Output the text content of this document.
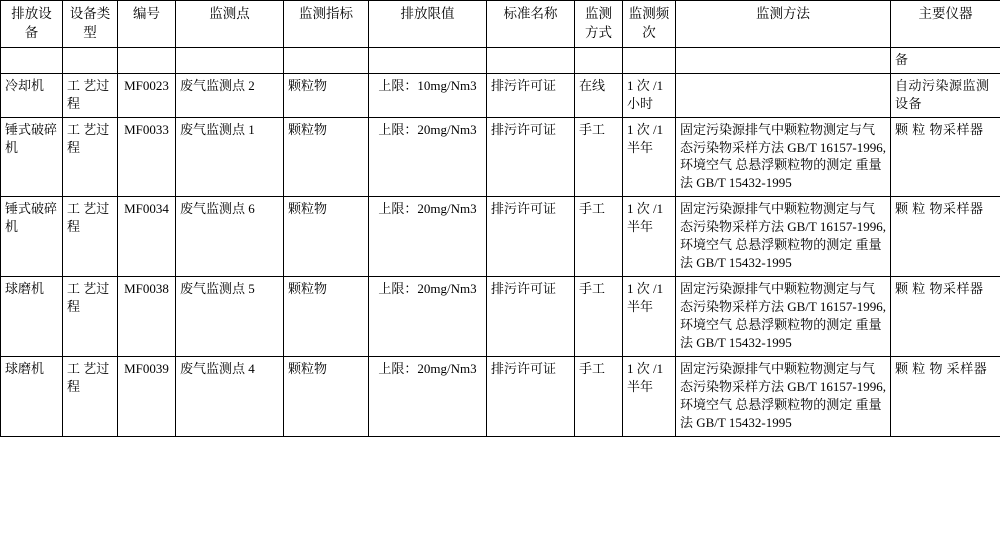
排放设备	设备类型	编号	监测点	监测指标	排放限值	标准名称	监测方式	监测频次	监测方法	主要仪器
										备
冷却机	工 艺过程	MF0023	废气监测点 2	颗粒物	上限：10mg/Nm3	排污许可证	在线	1 次 /1 小时		自动污染源监测设备
锤式破碎机	工 艺过程	MF0033	废气监测点 1	颗粒物	上限：20mg/Nm3	排污许可证	手工	1 次 /1 半年	固定污染源排气中颗粒物测定与气态污染物采样方法 GB/T 16157-1996,环境空气 总悬浮颗粒物的测定 重量法 GB/T 15432-1995	颗 粒 物采样器
锤式破碎机	工 艺过程	MF0034	废气监测点 6	颗粒物	上限：20mg/Nm3	排污许可证	手工	1 次 /1 半年	固定污染源排气中颗粒物测定与气态污染物采样方法 GB/T 16157-1996,环境空气 总悬浮颗粒物的测定 重量法 GB/T 15432-1995	颗 粒 物采样器
球磨机	工 艺过程	MF0038	废气监测点 5	颗粒物	上限：20mg/Nm3	排污许可证	手工	1 次 /1 半年	固定污染源排气中颗粒物测定与气态污染物采样方法 GB/T 16157-1996,环境空气 总悬浮颗粒物的测定 重量法 GB/T 15432-1995	颗 粒 物采样器
球磨机	工 艺过程	MF0039	废气监测点 4	颗粒物	上限：20mg/Nm3	排污许可证	手工	1 次 /1 半年	固定污染源排气中颗粒物测定与气态污染物采样方法 GB/T 16157-1996,环境空气 总悬浮颗粒物的测定 重量法 GB/T 15432-1995	颗 粒 物 采样器
